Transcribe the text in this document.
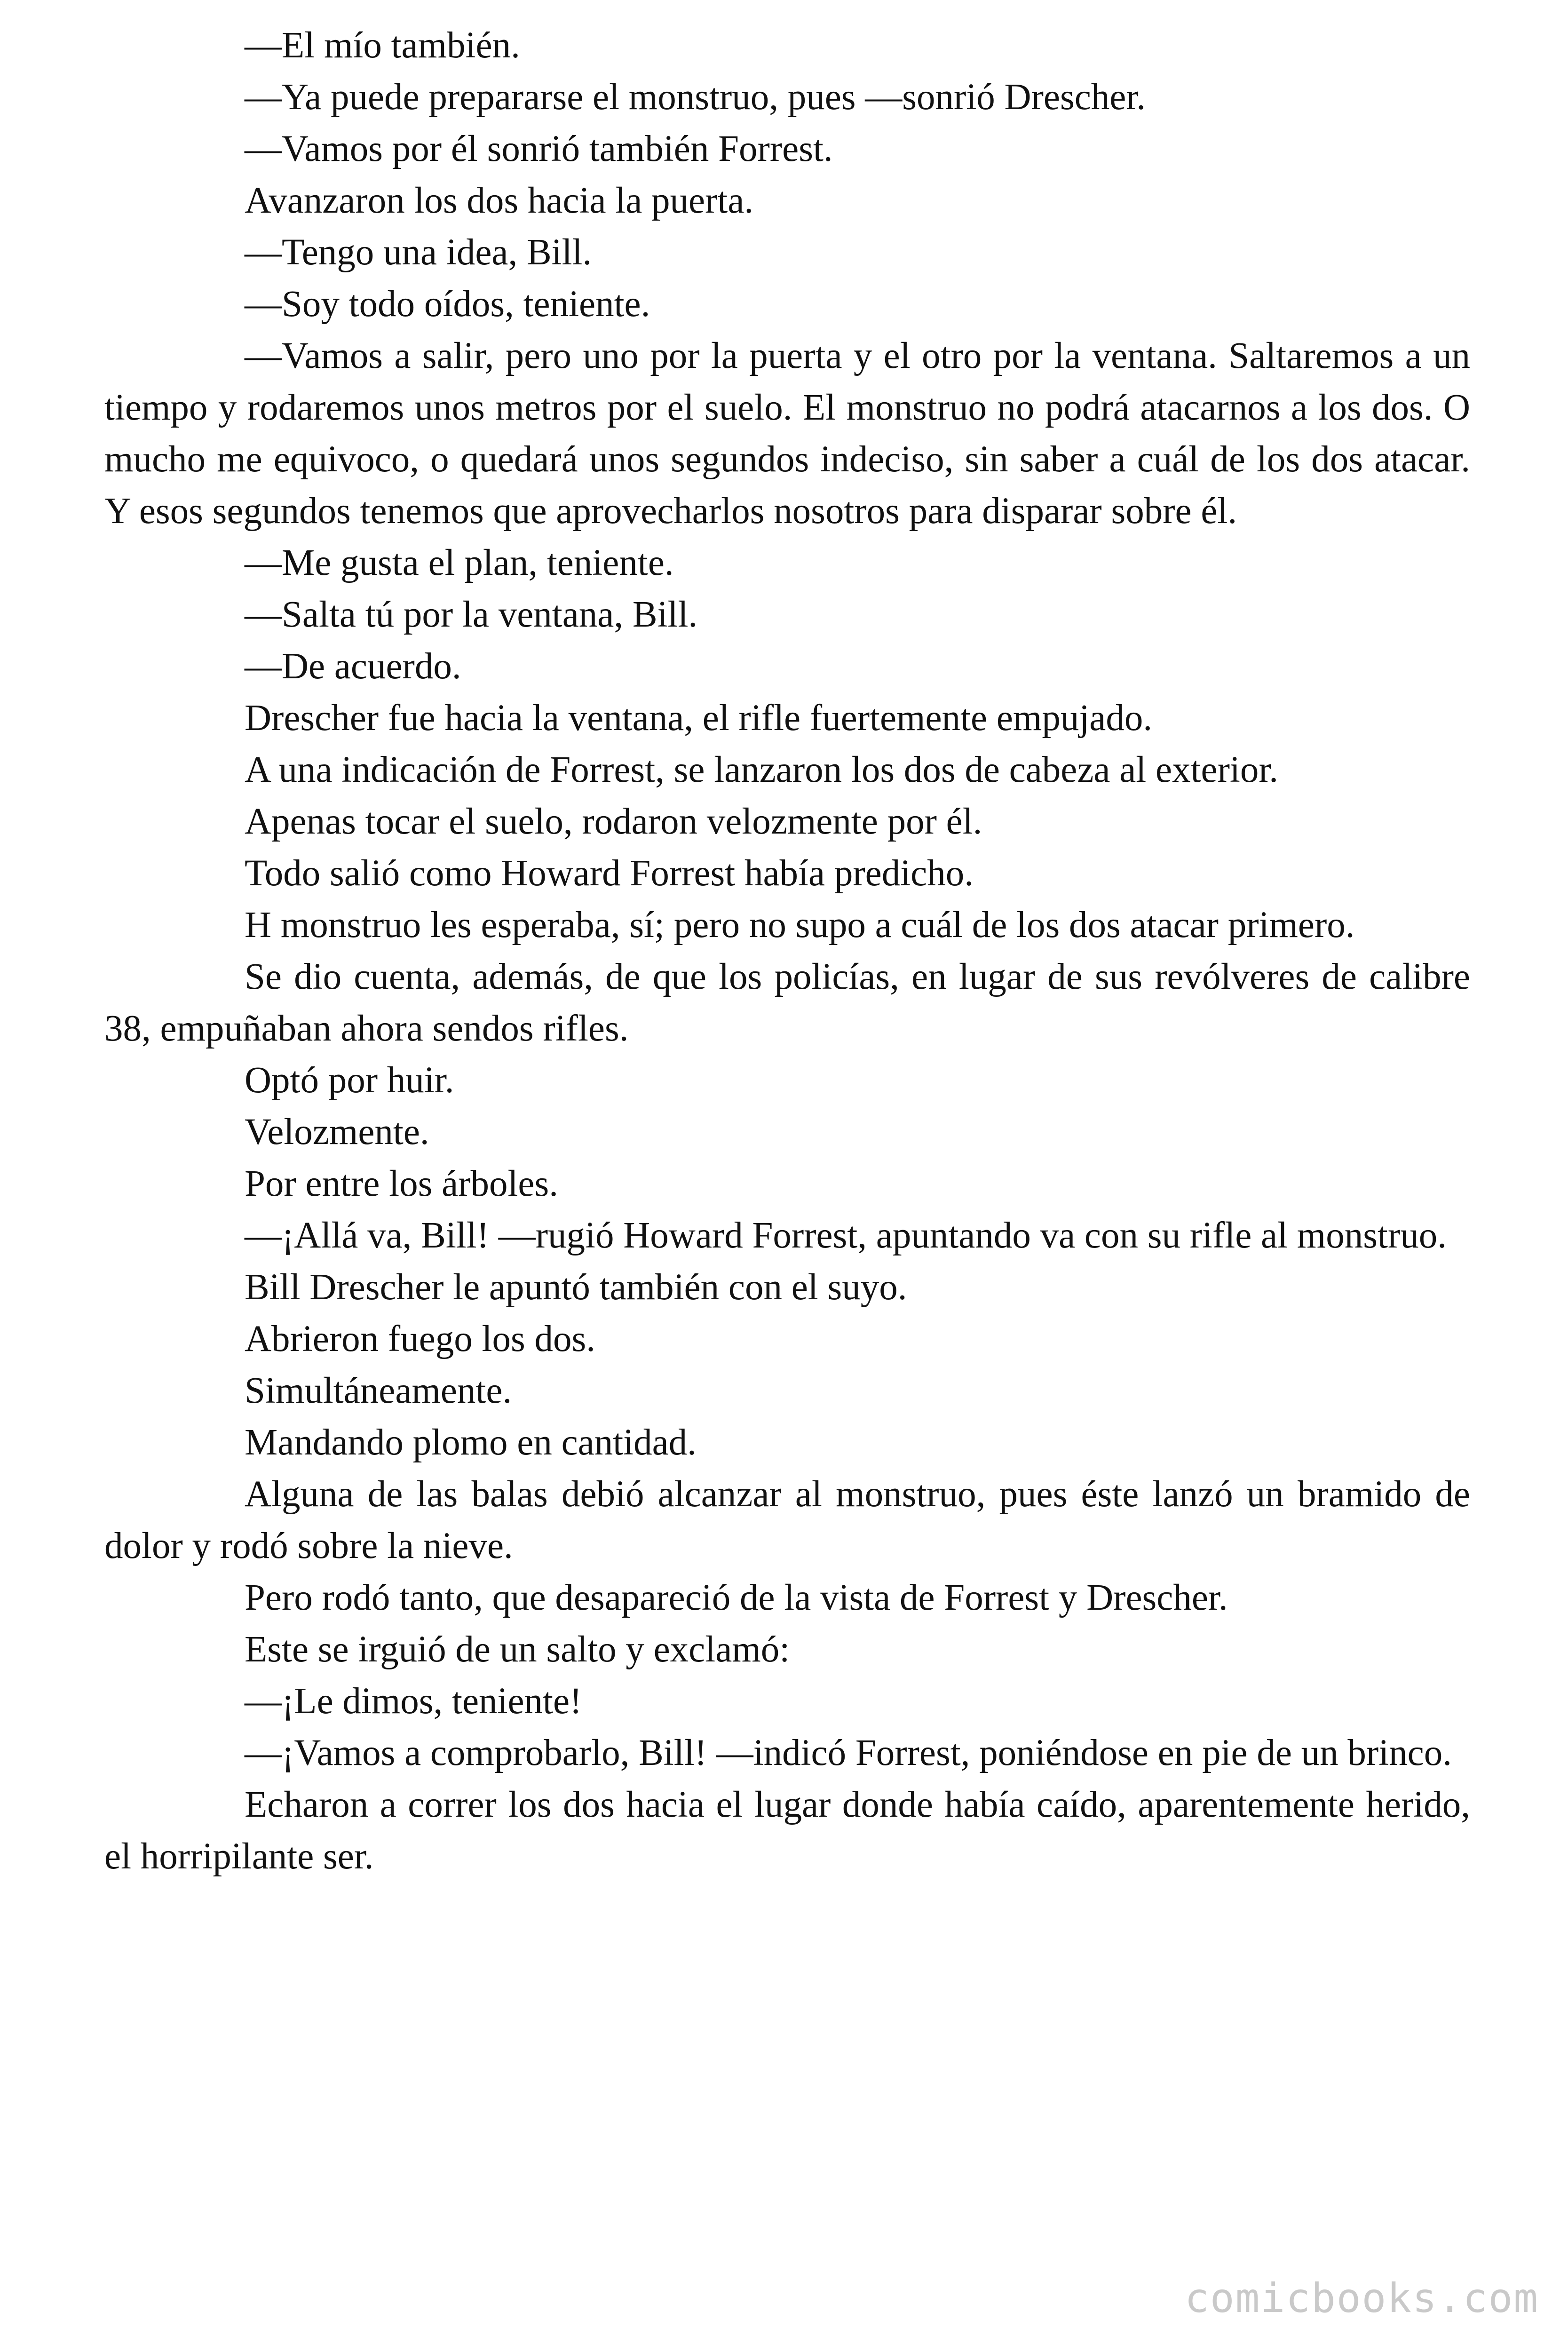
—El mío también.

—Ya puede prepararse el monstruo, pues —sonrió Drescher.

—Vamos por él sonrió también Forrest.

Avanzaron los dos hacia la puerta.

—Tengo una idea, Bill.

—Soy todo oídos, teniente.

—Vamos a salir, pero uno por la puerta y el otro por la ventana. Saltaremos a un tiempo y rodaremos unos metros por el suelo. El monstruo no podrá atacarnos a los dos. O mucho me equivoco, o quedará unos segundos indeciso, sin saber a cuál de los dos atacar. Y esos segundos tenemos que aprovecharlos nosotros para disparar sobre él.

—Me gusta el plan, teniente.

—Salta tú por la ventana, Bill.

—De acuerdo.

Drescher fue hacia la ventana, el rifle fuertemente empujado.

A una indicación de Forrest, se lanzaron los dos de cabeza al exterior.

Apenas tocar el suelo, rodaron velozmente por él.

Todo salió como Howard Forrest había predicho.

H monstruo les esperaba, sí; pero no supo a cuál de los dos atacar primero.

Se dio cuenta, además, de que los policías, en lugar de sus revólveres de calibre 38, empuñaban ahora sendos rifles.

Optó por huir.

Velozmente.

Por entre los árboles.

—¡Allá va, Bill! —rugió Howard Forrest, apuntando va con su rifle al monstruo.

Bill Drescher le apuntó también con el suyo.

Abrieron fuego los dos.

Simultáneamente.

Mandando plomo en cantidad.

Alguna de las balas debió alcanzar al monstruo, pues éste lanzó un bramido de dolor y rodó sobre la nieve.

Pero rodó tanto, que desapareció de la vista de Forrest y Drescher.

Este se irguió de un salto y exclamó:

—¡Le dimos, teniente!

—¡Vamos a comprobarlo, Bill! —indicó Forrest, poniéndose en pie de un brinco.

Echaron a correr los dos hacia el lugar donde había caído, aparentemente herido, el horripilante ser.

comicbooks.com
